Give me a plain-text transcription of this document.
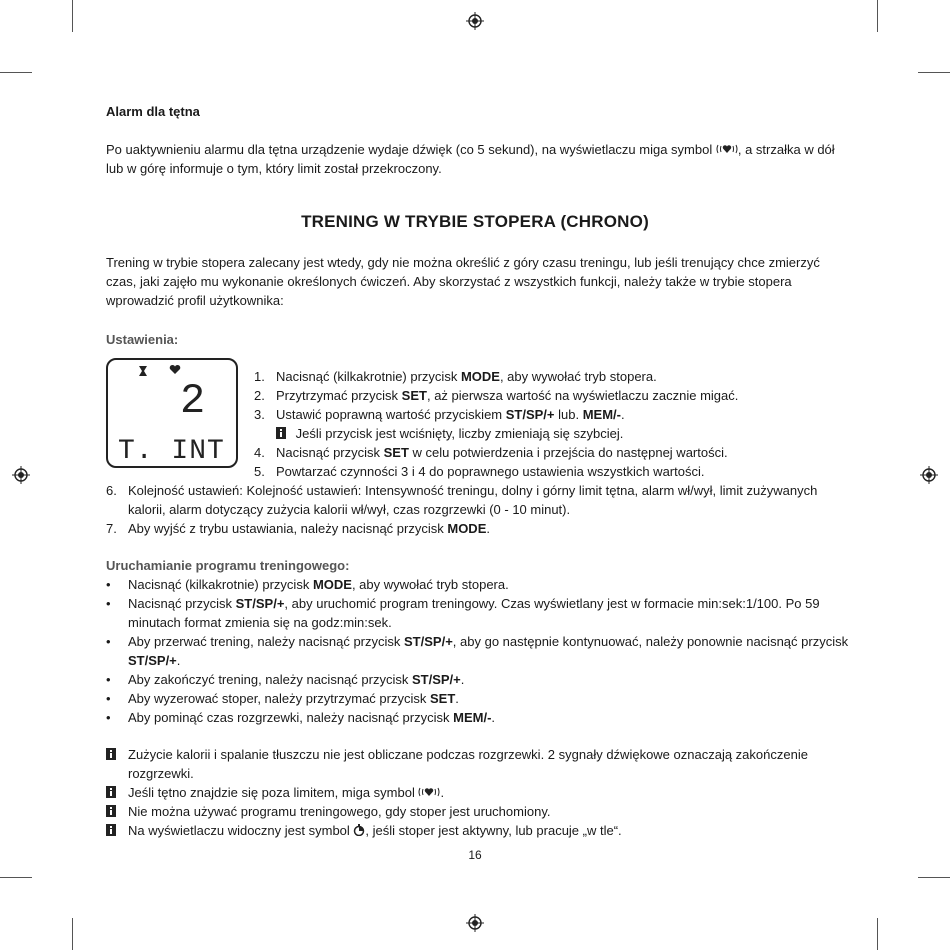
Alarm dla tętna
Po uaktywnieniu alarmu dla tętna urządzenie wydaje dźwięk (co 5 sekund), na wyświetlaczu miga symbol , a strzałka w dół lub w górę informuje o tym, który limit został przekroczony.
TRENING W TRYBIE STOPERA (CHRONO)
Trening w trybie stopera zalecany jest wtedy, gdy nie można określić z góry czasu treningu, lub jeśli trenujący chce zmierzyć czas, jaki zajęło mu wykonanie określonych ćwiczeń. Aby skorzystać z wszystkich funkcji, należy także w trybie stopera wprowadzić profil użytkownika:
Ustawienia:
2
T. INT
1. Nacisnąć (kilkakrotnie) przycisk MODE, aby wywołać tryb stopera.
2. Przytrzymać przycisk SET, aż pierwsza wartość na wyświetlaczu zacznie migać.
3. Ustawić poprawną wartość przyciskiem ST/SP/+ lub. MEM/-.
Jeśli przycisk jest wciśnięty, liczby zmieniają się szybciej.
4. Nacisnąć przycisk SET w celu potwierdzenia i przejścia do następnej wartości.
5. Powtarzać czynności 3 i 4 do poprawnego ustawienia wszystkich wartości.
6. Kolejność ustawień: Kolejność ustawień: Intensywność treningu, dolny i górny limit tętna, alarm wł/wył, limit zużywanych kalorii, alarm dotyczący zużycia kalorii wł/wył, czas rozgrzewki (0 - 10 minut).
7. Aby wyjść z trybu ustawiania, należy nacisnąć przycisk MODE.
Uruchamianie programu treningowego:
• Nacisnąć (kilkakrotnie) przycisk MODE, aby wywołać tryb stopera.
• Nacisnąć przycisk ST/SP/+, aby uruchomić program treningowy. Czas wyświetlany jest w formacie min:sek:1/100. Po 59 minutach format zmienia się na godz:min:sek.
• Aby przerwać trening, należy nacisnąć przycisk ST/SP/+, aby go następnie kontynuować, należy ponownie nacisnąć przycisk ST/SP/+.
• Aby zakończyć trening, należy nacisnąć przycisk ST/SP/+.
• Aby wyzerować stoper, należy przytrzymać przycisk SET.
• Aby pominąć czas rozgrzewki, należy nacisnąć przycisk MEM/-.
Zużycie kalorii i spalanie tłuszczu nie jest obliczane podczas rozgrzewki. 2 sygnały dźwiękowe oznaczają zakończenie rozgrzewki.
Jeśli tętno znajdzie się poza limitem, miga symbol .
Nie można używać programu treningowego, gdy stoper jest uruchomiony.
Na wyświetlaczu widoczny jest symbol , jeśli stoper jest aktywny, lub pracuje „w tle“.
16
